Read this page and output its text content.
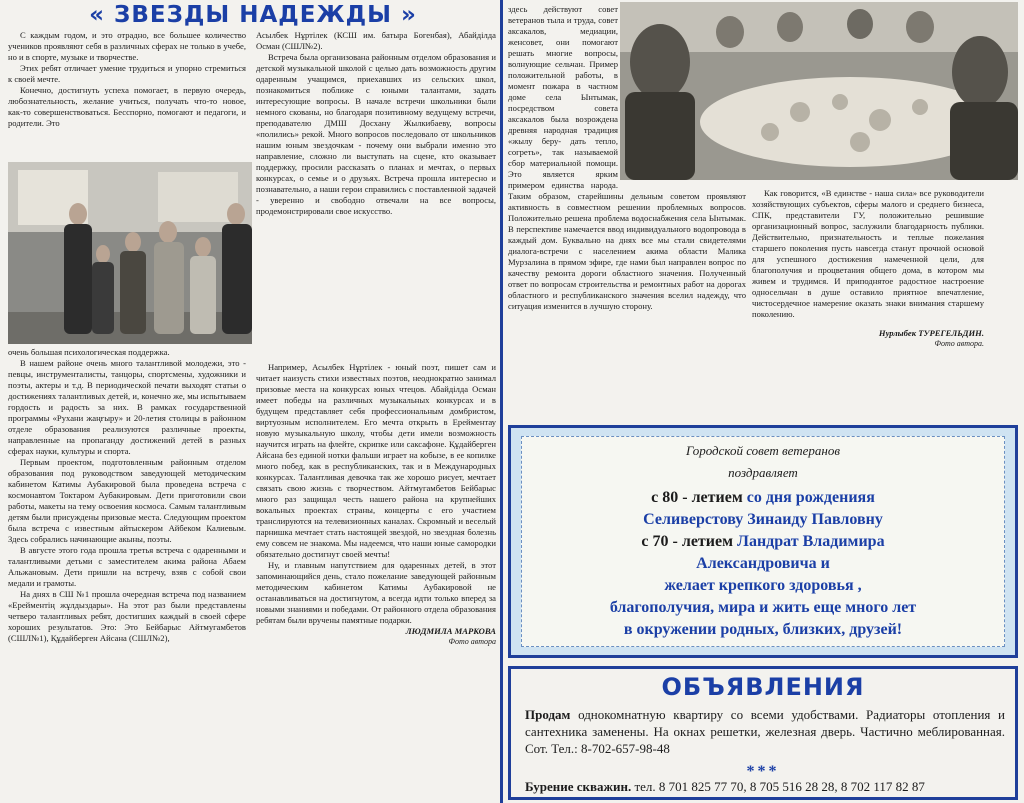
« ЗВЕЗДЫ НАДЕЖДЫ »

С каждым годом, и это отрадно, все большее количество учеников проявляют себя в различных сферах не только в учебе, но и в спорте, музыке и творчестве.

Этих ребят отличает умение трудиться и упорно стремиться к своей мечте.

Конечно, достигнуть успеха помогает, в первую очередь, любознательность, желание учиться, получать что-то новое, как-то совершенствоваться. Бесспорно, помогают и педагоги, и родители. Это

очень большая психологическая поддержка.

В нашем районе очень много талантливой молодежи, это - певцы, инструменталисты, танцоры, спортсмены, художники и поэты, актеры и т.д. В периодической печати выходят статьи о достижениях талантливых детей, и, конечно же, мы испытываем гордость и радость за них. В рамках государственной программы «Рухани жаңғыру» и 20-летия столицы в районном отделе образования реализуются различные проекты, направленные на пропаганду достижений детей в разных сферах науки, культуры и спорта.

Первым проектом, подготовленным районным отделом образования под руководством заведующей методическим кабинетом Катимы Аубакировой была проведена встреча с космонавтом Токтаром Аубакировым. Дети приготовили свои работы, макеты на тему освоения космоса. Самым талантливым детям были присуждены призовые места. Следующим проектом была встреча с известным айтыскером Айбеком Калиевым. Здесь собрались начинающие акыны, поэты.

В августе этого года прошла третья встреча с одаренными и талантливыми детьми с заместителем акима района Абаем Альжановым. Дети пришли на встречу, взяв с собой свои медали и грамоты.

На днях в СШ №1 прошла очередная встреча под названием «Ерейментің жұлдыздары». На этот раз были представлены четверо талантливых ребят, достигших каждый в своей сфере хороших результатов. Это: Это Бейбарыс Айтмугамбетов (СШЛ№1), Құдайберген Айсана (СШЛ№2),

Асылбек Нұртілек (КСШ им. батыра Богенбая), Абайділда Осман (СШЛ№2).

Встреча была организована районным отделом образования и детской музыкальной школой с целью дать возможность другим одаренным учащимся, приехавших из сельских школ, познакомиться поближе с юными талантами, задать интересующие вопросы. В начале встречи школьники были немного скованы, но благодаря позитивному ведущему встречи, преподавателю ДМШ Досхану Жылкибаеву, вопросы «полились» рекой. Много вопросов последовало от школьников нашим юным звездочкам - почему они выбрали именно это направление, сложно ли выступать на сцене, кто оказывает поддержку, просили рассказать о планах и мечтах, о первых конкурсах, о семье и о друзьях. Встреча прошла интересно и познавательно, а наши герои справились с поставленной задачей - уверенно и свободно отвечали на все вопросы, продемонстрировали свое искусство.

Например, Асылбек Нұртілек - юный поэт, пишет сам и читает наизусть стихи известных поэтов, неоднократно занимал призовые места на конкурсах юных чтецов. Абайділда Осман имеет победы на различных музыкальных конкурсах и в будущем представляет себя профессиональным домбристом, виртуозным исполнителем. Его мечта открыть в Ерейментау новую музыкальную школу, чтобы дети имели возможность научится играть на флейте, скрипке или саксафоне. Құдайберген Айсана без единой нотки фальши играет на кобызе, в ее копилке много побед, как в республиканских, так и в Международных конкурсах. Талантливая девочка так же хорошо рисует, мечтает связать свою жизнь с творчеством. Айтмугамбетов Бейбарыс много раз защищал честь нашего района на крупнейших вокальных проектах страны, концерты с его участием транслируются на телевизионных каналах. Скромный и веселый парнишка мечтает стать настоящей звездой, но звездная болезнь ему совсем не знакома. Мы надеемся, что наши юные самородки обязательно достигнут своей мечты!

Ну, и главным напутствием для одаренных детей, в этот запоминающийся день, стало пожелание заведующей районным методическим кабинетом Катимы Аубакировой не останавливаться на достигнутом, а всегда идти только вперед за новыми знаниями и победами. От районного отдела образования ребятам были вручены памятные подарки.

ЛЮДМИЛА МАРКОВА

Фото автора

здесь действуют совет ветеранов тыла и труда, совет аксакалов, медиации, женсовет, они помогают решать многие вопросы, волнующие сельчан. Пример положительной работы, в момент пожара в частном доме села Ынтымак, посредством совета аксакалов была возрождена древняя народная традиция «жылу беру- дать тепло, согреть», так называемой сбор материальной помощи. Это является ярким примером единства народа. Таким образом, старейшины дельным советом проявляют активность в совместном решении проблемных вопросов. Положительно решена проблема водоснабжения села Ынтымак. В перспективе намечается ввод индивидуального водопровода в каждый дом. Буквально на днях все мы стали свидетелями диалога-встречи с населением акима области Малика Мурзалина в прямом эфире, где нами был направлен вопрос по качеству ремонта дороги областного значения. Полученный ответ по вопросам строительства и ремонтных работ на дорогах областного и республиканского значения вселил надежду, что ситуация изменится в лучшую сторону.

Как говорится, «В единстве - наша сила» все руководители хозяйствующих субъектов, сферы малого и среднего бизнеса, СПК, представители ГУ, положительно решившие организационный вопрос, заслужили благодарность публики. Действительно, признательность и теплые пожелания старшего поколения пусть навсегда станут прочной основой для успешного достижения намеченной цели, для благополучия и процветания общего дома, в котором мы живем и трудимся. И приподнятое радостное настроение односельчан в душе оставило приятное впечатление, чистосердечное намерение оказать знаки внимания старшему поколению.

Нурлыбек ТУРЕГЕЛЬДИН.

Фото автора.

Городской совет ветеранов
поздравляет
с 80 - летием со дня рожденияя
Селиверстову Зинаиду Павловну
с 70 - летием Ландрат Владимира
Александровича и
желает крепкого здоровья ,
благополучия, мира и жить еще много лет
в окружении родных, близких, друзей!
ОБЪЯВЛЕНИЯ
Продам однокомнатную квартиру со всеми удобствами. Радиаторы отопления и сантехника заменены. На окнах решетки, железная дверь. Частично меблированная. Сот. Тел.: 8-702-657-98-48
***
Бурение скважин. тел. 8 701 825 77 70, 8 705 516 28 28, 8 702 117 82 87
